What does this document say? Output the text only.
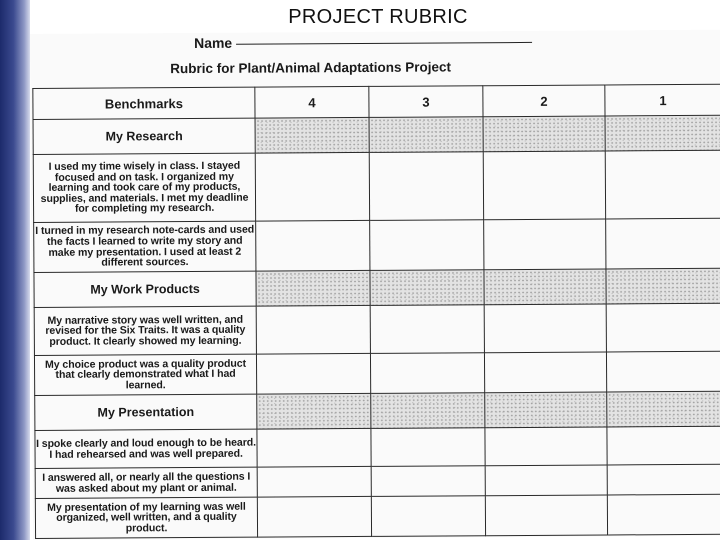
PROJECT RUBRIC
Name
Rubric for Plant/Animal Adaptations Project
Benchmarks	4	3	2	1
My Research				
I used my time wisely in class. I stayed focused and on task. I organized my learning and took care of my products, supplies, and materials. I met my deadline for completing my research.				
I turned in my research note-cards and used the facts I learned to write my story and make my presentation. I used at least 2 different sources.				
My Work Products				
My narrative story was well written, and revised for the Six Traits. It was a quality product. It clearly showed my learning.				
My choice product was a quality product that clearly demonstrated what I had learned.				
My Presentation				
I spoke clearly and loud enough to be heard. I had rehearsed and was well prepared.				
I answered all, or nearly all the questions I was asked about my plant or animal.				
My presentation of my learning was well organized, well written, and a quality product.				
